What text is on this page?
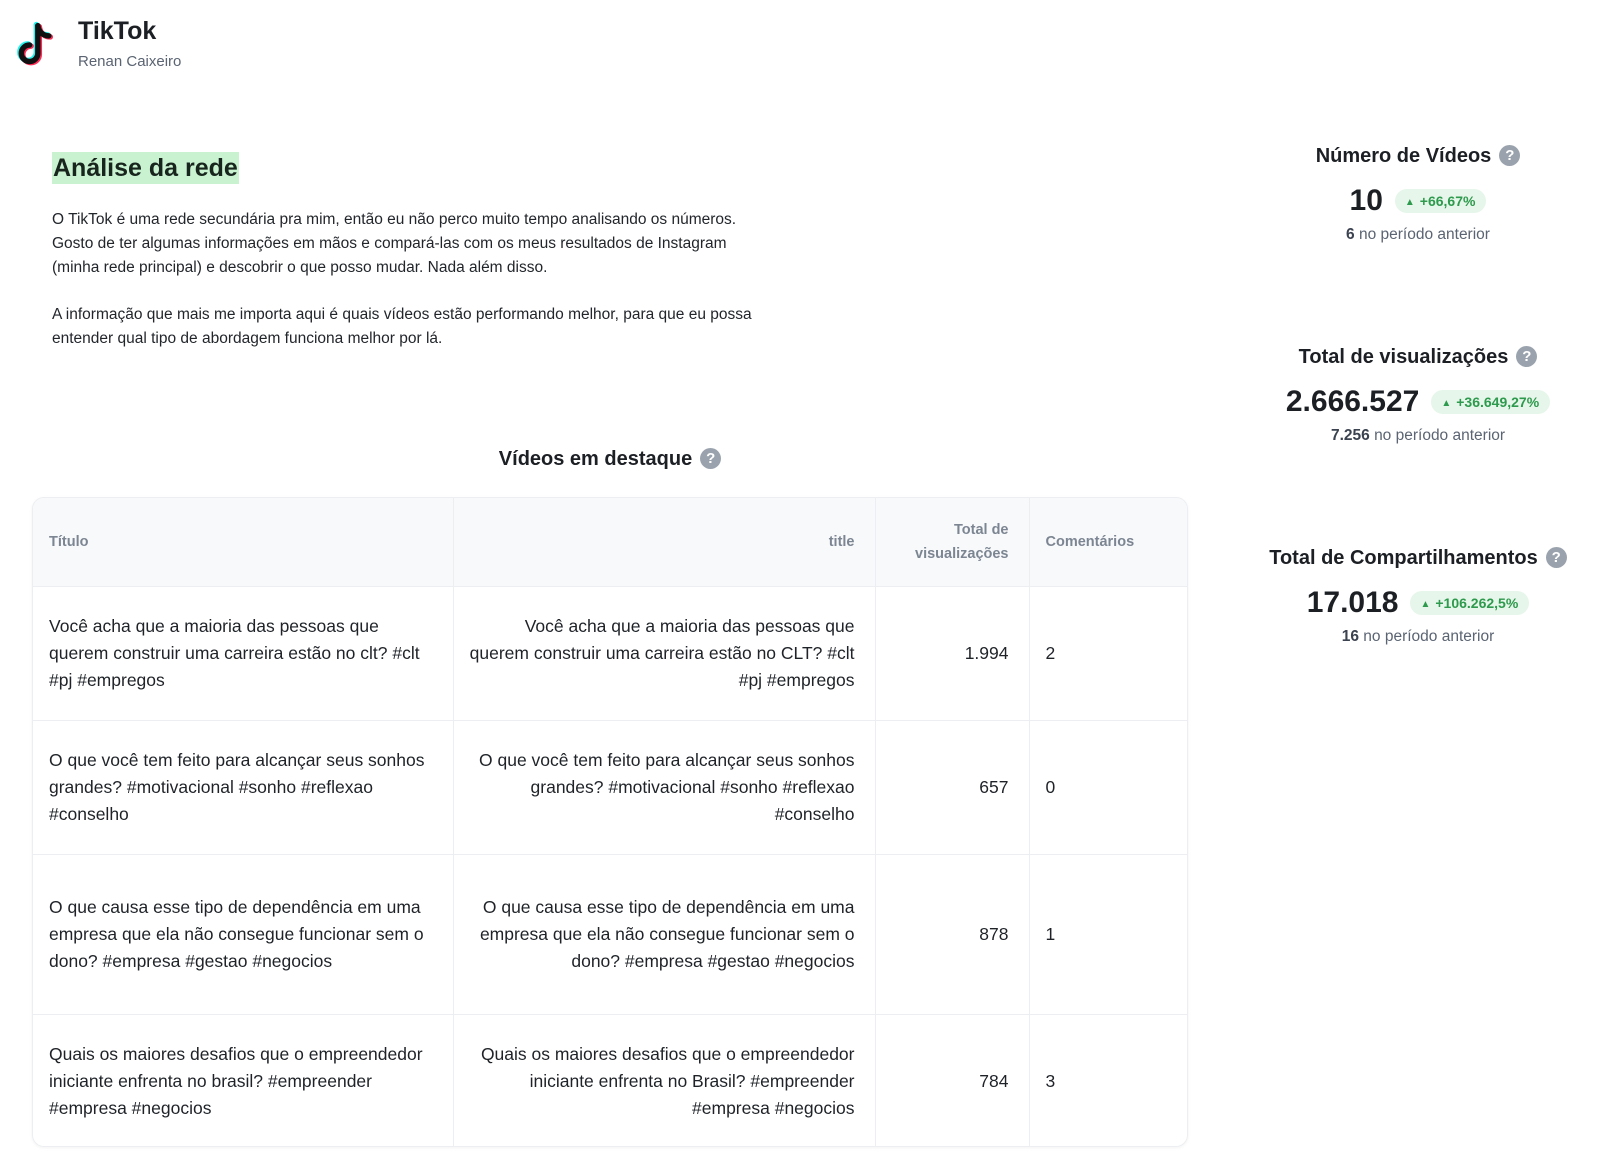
TikTok
Renan Caixeiro
Análise da rede

O TikTok é uma rede secundária pra mim, então eu não perco muito tempo analisando os números. Gosto de ter algumas informações em mãos e compará-las com os meus resultados de Instagram (minha rede principal) e descobrir o que posso mudar. Nada além disso.

A informação que mais me importa aqui é quais vídeos estão performando melhor, para que eu possa entender qual tipo de abordagem funciona melhor por lá.

Vídeos em destaque ?
Título	title	Total de visualizações	Comentários
Você acha que a maioria das pessoas que querem construir uma carreira estão no clt? #clt #pj #empregos	Você acha que a maioria das pessoas que querem construir uma carreira estão no CLT? #clt #pj #empregos	1.994	2
O que você tem feito para alcançar seus sonhos grandes? #motivacional #sonho #reflexao #conselho	O que você tem feito para alcançar seus sonhos grandes? #motivacional #sonho #reflexao #conselho	657	0
O que causa esse tipo de dependência em uma empresa que ela não consegue funcionar sem o dono? #empresa #gestao #negocios	O que causa esse tipo de dependência em uma empresa que ela não consegue funcionar sem o dono? #empresa #gestao #negocios	878	1
Quais os maiores desafios que o empreendedor iniciante enfrenta no brasil? #empreender #empresa #negocios	Quais os maiores desafios que o empreendedor iniciante enfrenta no Brasil? #empreender #empresa #negocios	784	3
Número de Vídeos ?
10	▲ +66,67%
6 no período anterior
Total de visualizações ?
2.666.527	▲ +36.649,27%
7.256 no período anterior
Total de Compartilhamentos ?
17.018	▲ +106.262,5%
16 no período anterior
